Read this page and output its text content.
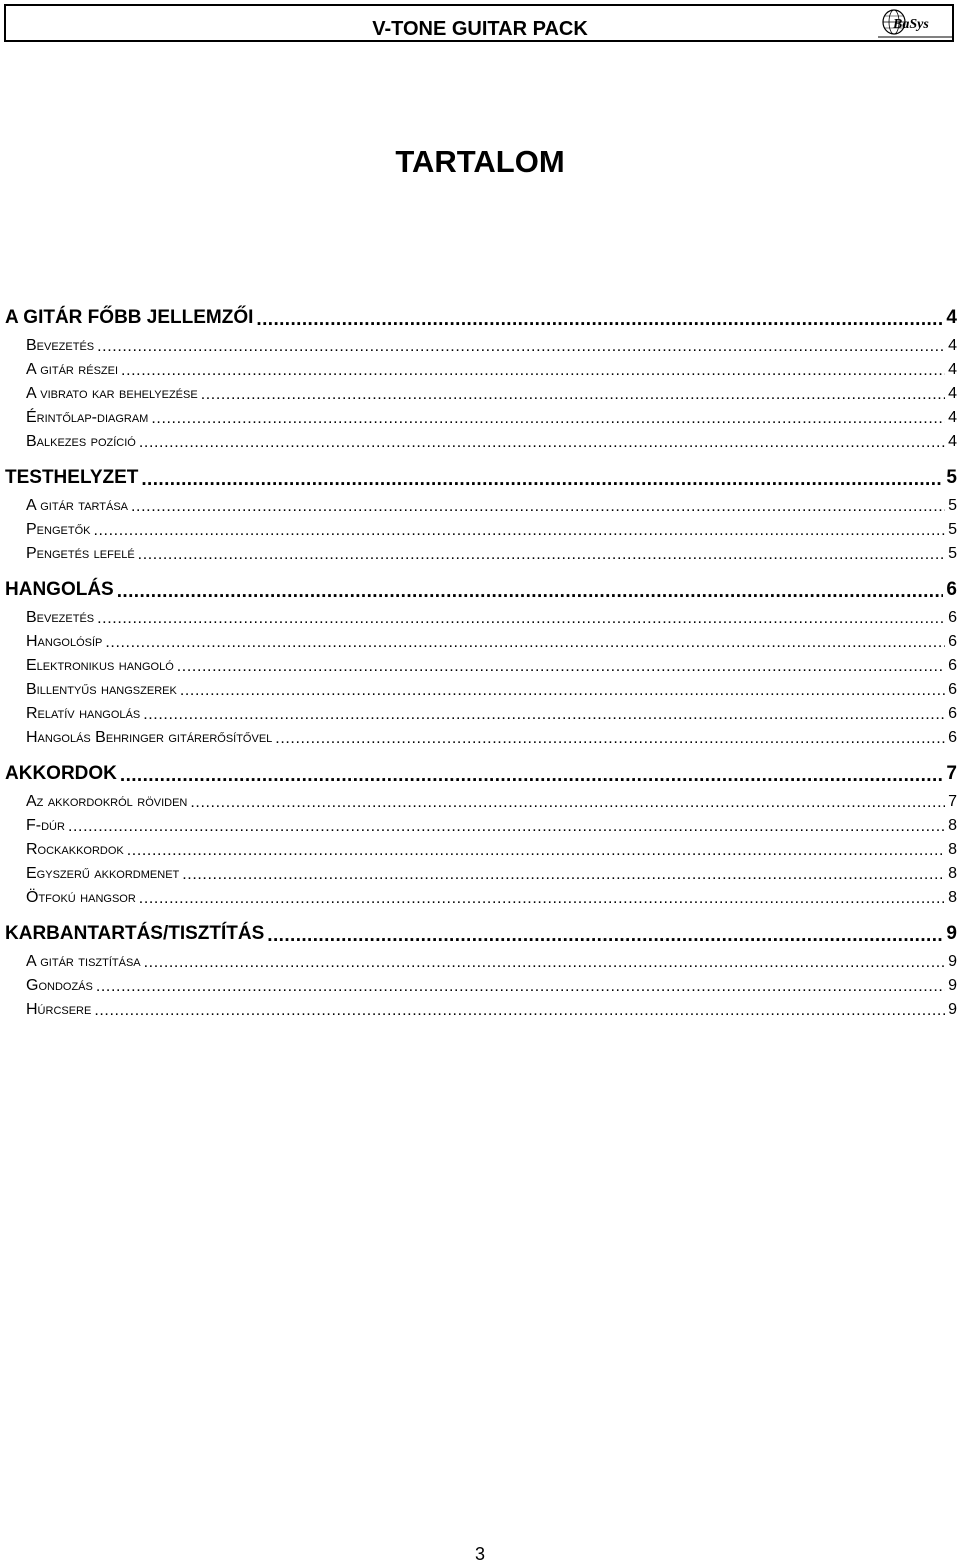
V-TONE GUITAR PACK	BaSys
TARTALOM
A GITÁR FŐBB JELLEMZŐI .....	4
Bevezetés .....	4
A gitár részei .....	4
A vibrato kar behelyezése .....	4
Érintőlap-diagram .....	4
Balkezes pozíció .....	4
TESTHELYZET .....	5
A gitár tartása .....	5
Pengetők .....	5
Pengetés lefelé .....	5
HANGOLÁS .....	6
Bevezetés .....	6
Hangolósíp .....	6
Elektronikus hangoló .....	6
Billentyűs hangszerek .....	6
Relatív hangolás .....	6
Hangolás Behringer gitárerősítővel .....	6
AKKORDOK .....	7
Az akkordokról röviden .....	7
F-dúr .....	8
Rockakkordok .....	8
Egyszerű akkordmenet .....	8
Ötfokú hangsor .....	8
KARBANTARTÁS/TISZTÍTÁS .....	9
A gitár tisztítása .....	9
Gondozás .....	9
Húrcsere .....	9
3
